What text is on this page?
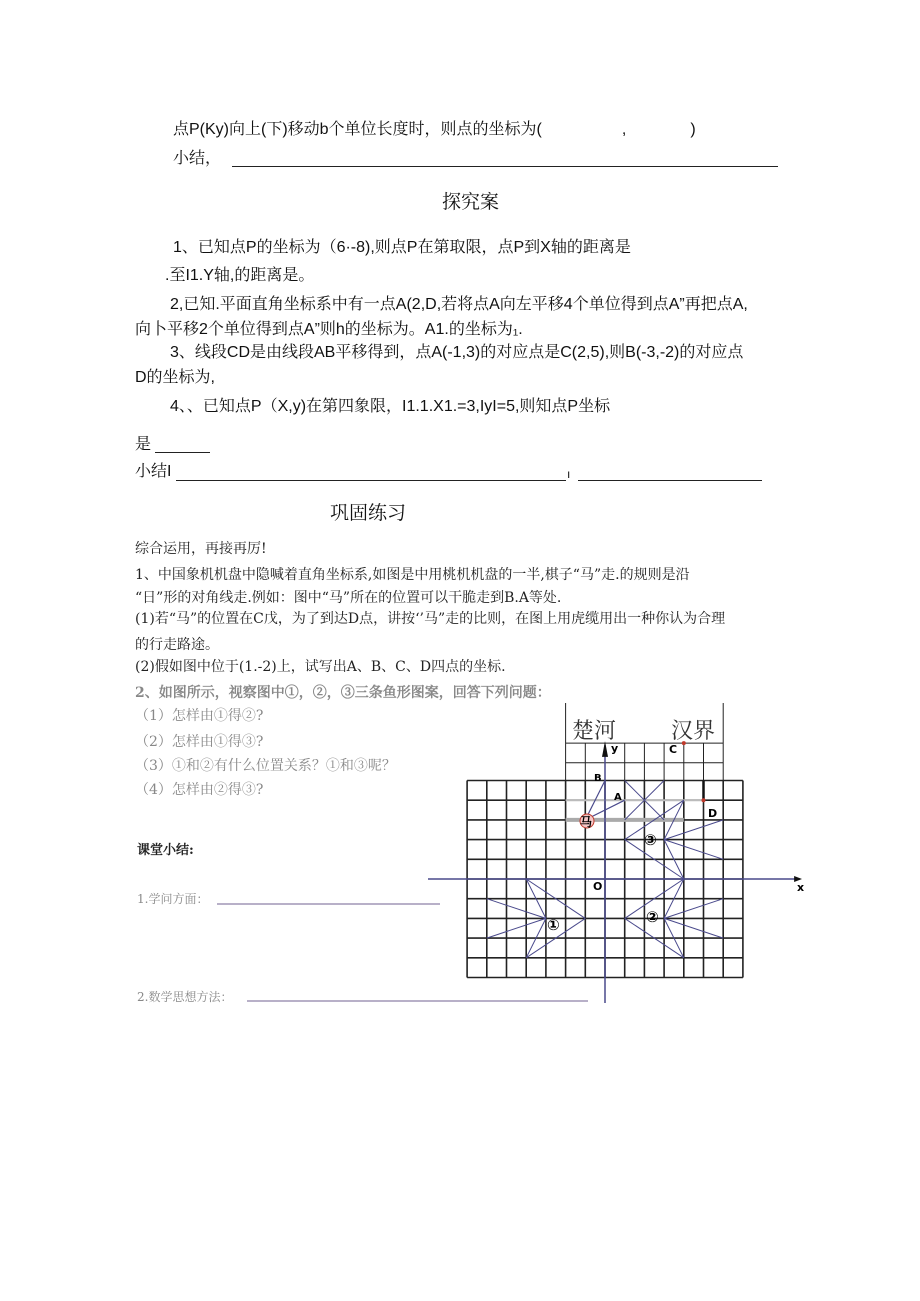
点P(Ky)向上(下)移动b个单位长度时，则点的坐标为(　　　　　,　　　　)
小结，
探究案
1、已知点P的坐标为（6·-8),则点P在第取限，点P到X轴的距离是
.至I1.Y轴,的距离是。
2,已知.平面直角坐标系中有一点A(2,D,若将点A向左平移4个单位得到点A”再把点A,
向卜平移2个单位得到点A”则h的坐标为。A1.的坐标为₁.
3、线段CD是由线段AB平移得到，点A(-1,3)的对应点是C(2,5),则B(-3,-2)的对应点
D的坐标为,
4、、已知点P（X,y)在第四象限，I1.1.X1.=3,IyI=5,则知点P坐标
是
小结I	ı
巩固练习
综合运用，再接再厉!
1、中国象机机盘中隐喊着直角坐标系,如图是中用桃机机盘的一半,棋子“马”走.的规则是沿
“日”形的对角线走.例如：图中“马”所在的位置可以干脆走到B.A等处.
(1)若“马”的位置在C戊，为了到达D点，讲按‘’马”走的比则，在图上用虎缆用出一种你认为合理
的行走路途。
(2)假如图中位于(1.-2)上，试写出A、B、C、D四点的坐标.
2、如图所示，视察图中①，②，③三条鱼形图案，回答下列问题：
（1）怎样由①得②?
（2）怎样由①得③?
（3）①和②有什么位置关系？①和③呢？
（4）怎样由②得③?
课堂小结:
1.学问方面：
2.数学思想方法：
楚河 汉界
y
x
O
A
B
C
D
马
①	②
③
